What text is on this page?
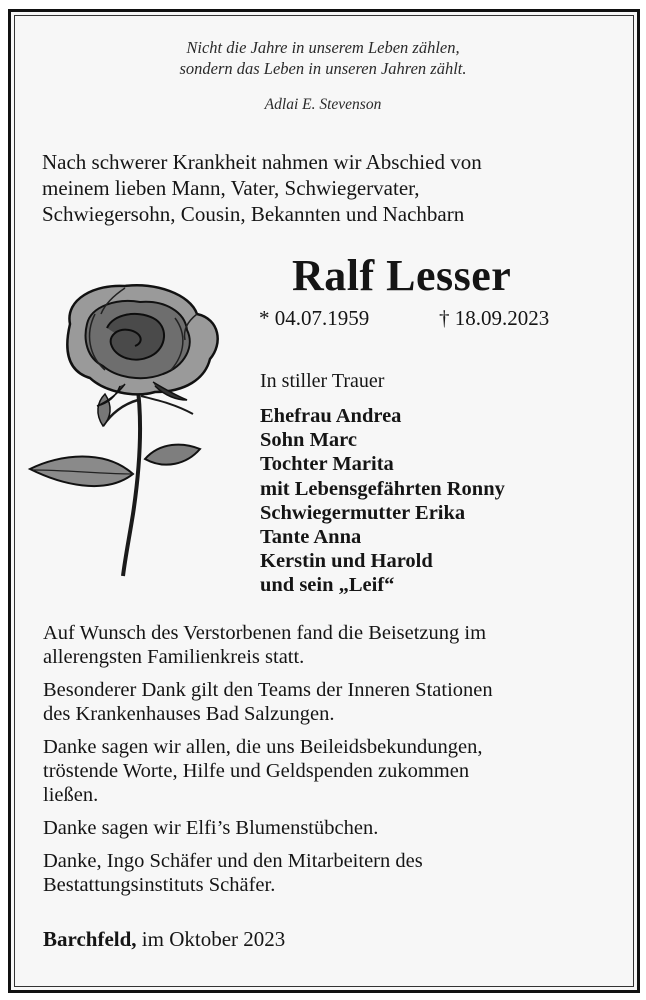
Nicht die Jahre in unserem Leben zählen,
sondern das Leben in unseren Jahren zählt.
Adlai E. Stevenson
Nach schwerer Krankheit nahmen wir Abschied von
meinem lieben Mann, Vater, Schwiegervater,
Schwiegersohn, Cousin, Bekannten und Nachbarn
Ralf Lesser
* 04.07.1959	† 18.09.2023
In stiller Trauer
Ehefrau Andrea
Sohn Marc
Tochter Marita
mit Lebensgefährten Ronny
Schwiegermutter Erika
Tante Anna
Kerstin und Harold
und sein „Leif“
Auf Wunsch des Verstorbenen fand die Beisetzung im
allerengsten Familienkreis statt.
Besonderer Dank gilt den Teams der Inneren Stationen
des Krankenhauses Bad Salzungen.
Danke sagen wir allen, die uns Beileidsbekundungen,
tröstende Worte, Hilfe und Geldspenden zukommen
ließen.
Danke sagen wir Elfi’s Blumenstübchen.
Danke, Ingo Schäfer und den Mitarbeitern des
Bestattungsinstituts Schäfer.
Barchfeld, im Oktober 2023
